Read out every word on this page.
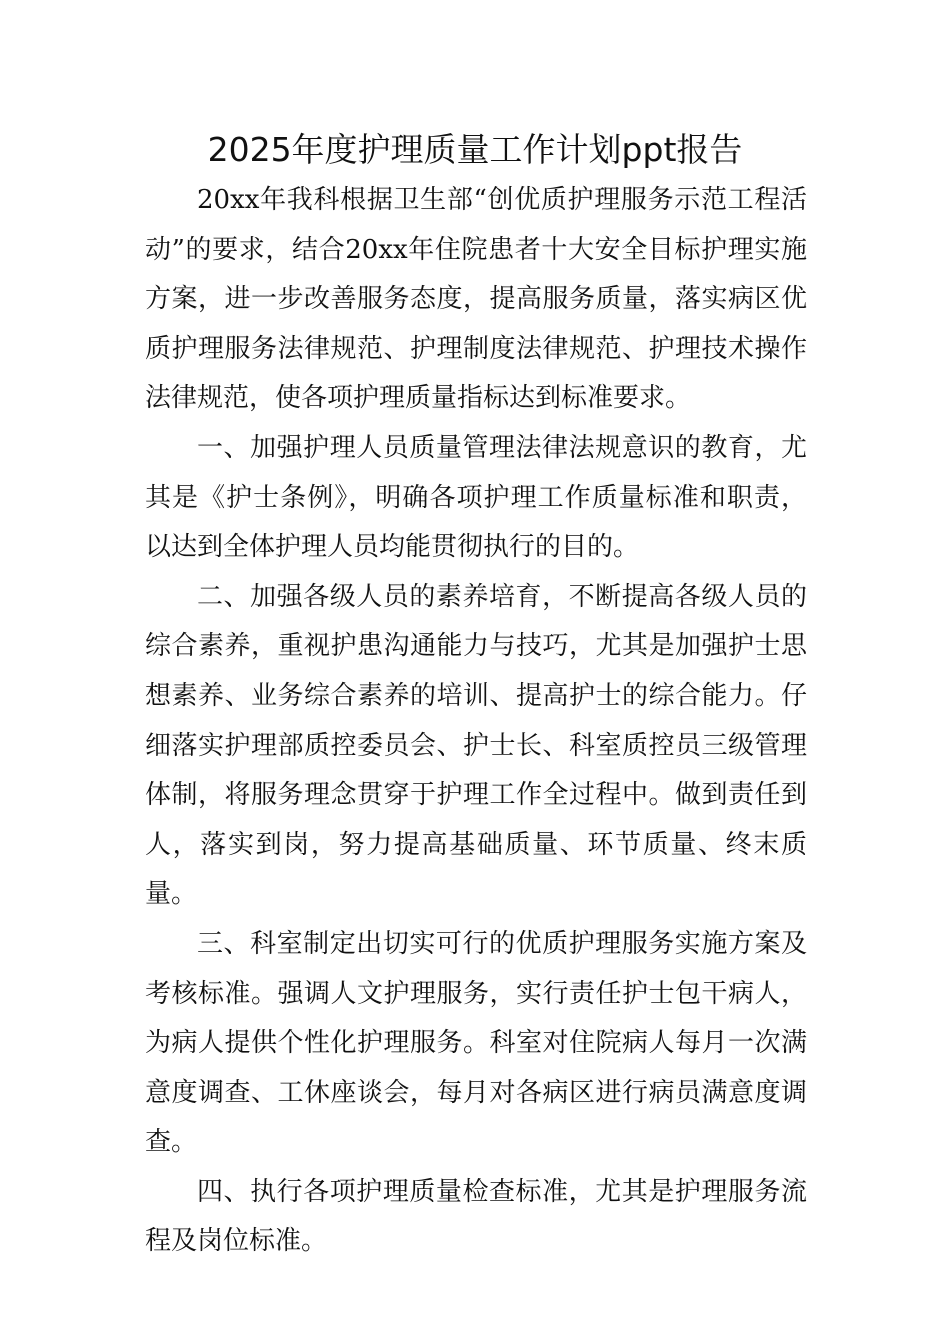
2025年度护理质量工作计划ppt报告

20xx年我科根据卫生部“创优质护理服务示范工程活动”的要求，结合20xx年住院患者十大安全目标护理实施方案，进一步改善服务态度，提高服务质量，落实病区优质护理服务法律规范、护理制度法律规范、护理技术操作法律规范，使各项护理质量指标达到标准要求。

一、加强护理人员质量管理法律法规意识的教育，尤其是《护士条例》，明确各项护理工作质量标准和职责，以达到全体护理人员均能贯彻执行的目的。

二、加强各级人员的素养培育，不断提高各级人员的综合素养，重视护患沟通能力与技巧，尤其是加强护士思想素养、业务综合素养的培训、提高护士的综合能力。仔细落实护理部质控委员会、护士长、科室质控员三级管理体制，将服务理念贯穿于护理工作全过程中。做到责任到人，落实到岗，努力提高基础质量、环节质量、终末质量。

三、科室制定出切实可行的优质护理服务实施方案及考核标准。强调人文护理服务，实行责任护士包干病人，为病人提供个性化护理服务。科室对住院病人每月一次满意度调查、工休座谈会，每月对各病区进行病员满意度调查。

四、执行各项护理质量检查标准，尤其是护理服务流程及岗位标准。
